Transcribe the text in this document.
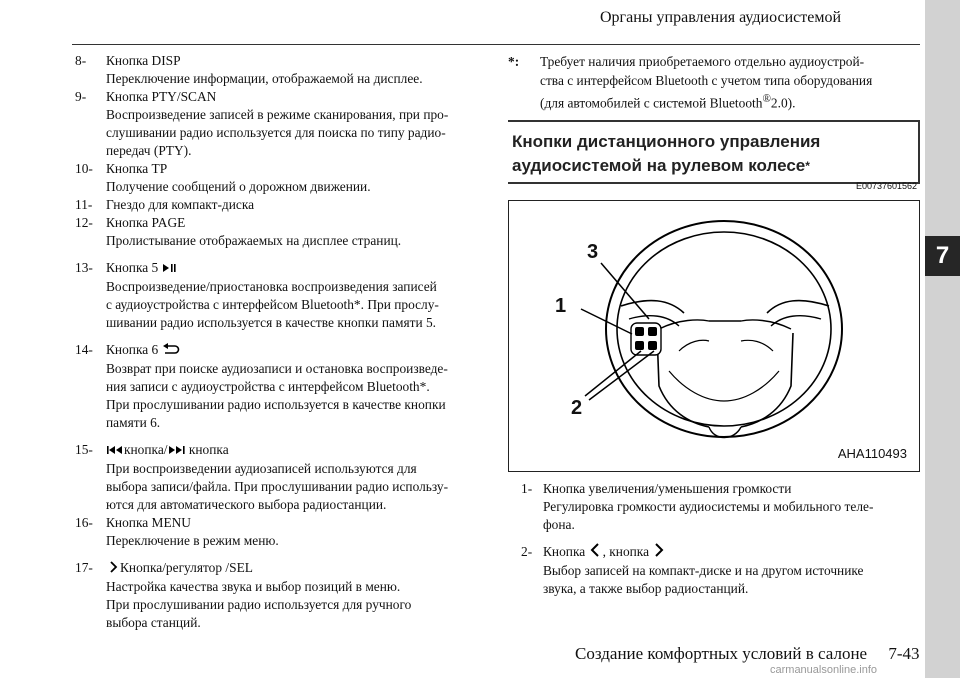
Органы управления аудиосистемой
7
8-	Кнопка DISP
Переключение информации, отображаемой на дисплее.
9-	Кнопка PTY/SCAN
Воспроизведение записей в режиме сканирования, при про-
слушивании радио используется для поиска по типу радио-
передач (PTY).
10- Кнопка TP
Получение сообщений о дорожном движении.
11-	Гнездо для компакт-диска
12- Кнопка PAGE
Пролистывание отображаемых на дисплее страниц.
13- Кнопка 5
Воспроизведение/приостановка воспроизведения записей
с аудиоустройства с интерфейсом Bluetooth*. При прослу-
шивании радио используется в качестве кнопки памяти 5.
14- Кнопка 6
Возврат при поиске аудиозаписи и остановка воспроизведе-
ния записи с аудиоустройства с интерфейсом Bluetooth*.
При прослушивании радио используется в качестве кнопки
памяти 6.
15-	кнопка/ кнопка
При воспроизведении аудиозаписей используются для
выбора записи/файла. При прослушивании радио использу-
ются для автоматического выбора радиостанции.
16- Кнопка MENU
Переключение в режим меню.
17-	Кнопка/регулятор /SEL
Настройка качества звука и выбор позиций в меню.
При прослушивании радио используется для ручного
выбора станций.
*:	Требует наличия приобретаемого отдельно аудиоустрой-
ства с интерфейсом Bluetooth с учетом типа оборудования
(для автомобилей с системой Bluetooth®2.0).
Кнопки дистанционного управления
аудиосистемой на рулевом колесе*
E00737601562
3
1
2
AHA110493
1- Кнопка увеличения/уменьшения громкости
Регулировка громкости аудиосистемы и мобильного теле-
фона.
2- Кнопка , кнопка
Выбор записей на компакт-диске и на другом источнике
звука, а также выбор радиостанций.
Создание комфортных условий в салоне     7-43
carmanualsonline.info
